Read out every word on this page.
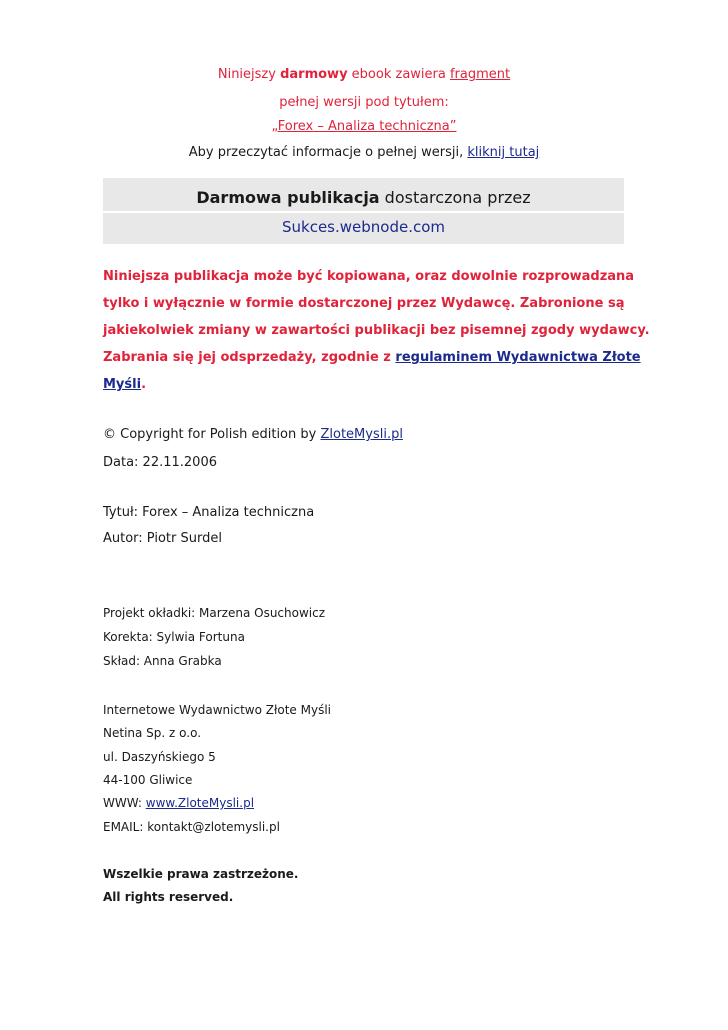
Niniejszy darmowy ebook zawiera fragment
pełnej wersji pod tytułem:
„Forex – Analiza techniczna”
Aby przeczytać informacje o pełnej wersji, kliknij tutaj
Darmowa publikacja dostarczona przez
Sukces.webnode.com
Niniejsza publikacja może być kopiowana, oraz dowolnie rozprowadzana
tylko i wyłącznie w formie dostarczonej przez Wydawcę. Zabronione są
jakiekolwiek zmiany w zawartości publikacji bez pisemnej zgody wydawcy.
Zabrania się jej odsprzedaży, zgodnie z regulaminem Wydawnictwa Złote
Myśli.
© Copyright for Polish edition by ZloteMysli.pl
Data: 22.11.2006
Tytuł: Forex – Analiza techniczna
Autor: Piotr Surdel
Projekt okładki: Marzena Osuchowicz
Korekta: Sylwia Fortuna
Skład: Anna Grabka
Internetowe Wydawnictwo Złote Myśli
Netina Sp. z o.o.
ul. Daszyńskiego 5
44-100 Gliwice
WWW: www.ZloteMysli.pl
EMAIL: kontakt@zlotemysli.pl
Wszelkie prawa zastrzeżone.
All rights reserved.
